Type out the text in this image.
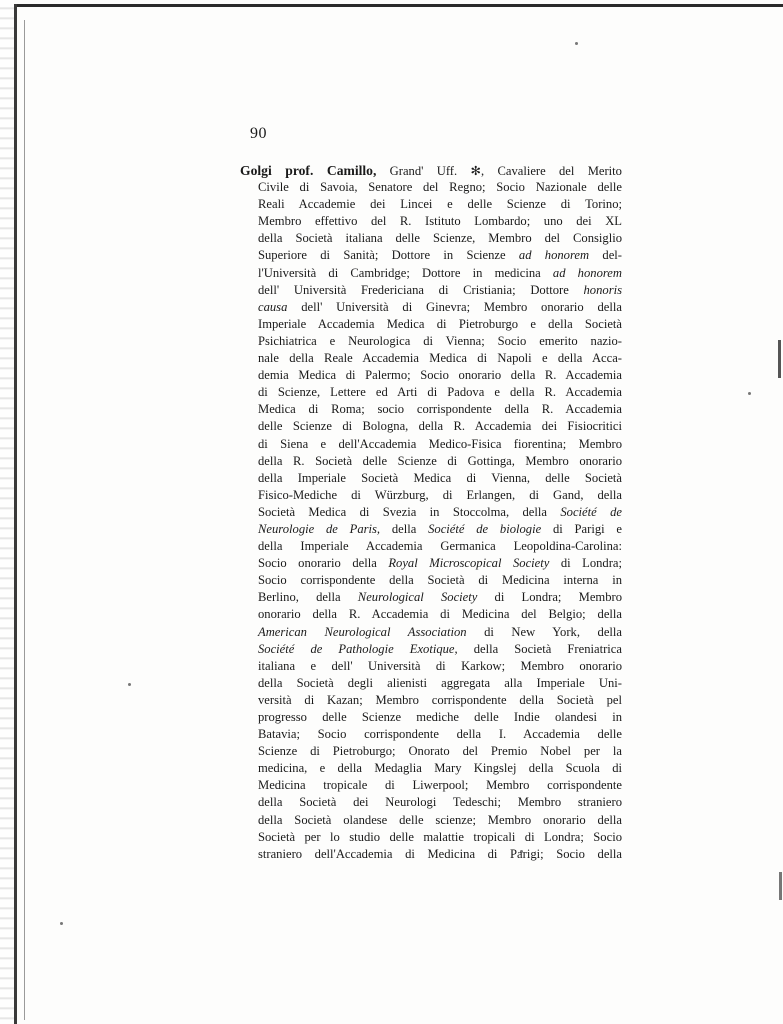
90
Golgi prof. Camillo, Grand' Uff. ✻, Cavaliere del Merito
Civile di Savoia, Senatore del Regno; Socio Nazionale delle
Reali Accademie dei Lincei e delle Scienze di Torino;
Membro effettivo del R. Istituto Lombardo; uno dei XL
della Società italiana delle Scienze, Membro del Consiglio
Superiore di Sanità; Dottore in Scienze ad honorem del-
l'Università di Cambridge; Dottore in medicina ad honorem
dell' Università Fredericiana di Cristiania; Dottore honoris
causa dell' Università di Ginevra; Membro onorario della
Imperiale Accademia Medica di Pietroburgo e della Società
Psichiatrica e Neurologica di Vienna; Socio emerito nazio-
nale della Reale Accademia Medica di Napoli e della Acca-
demia Medica di Palermo; Socio onorario della R. Accademia
di Scienze, Lettere ed Arti di Padova e della R. Accademia
Medica di Roma; socio corrispondente della R. Accademia
delle Scienze di Bologna, della R. Accademia dei Fisiocritici
di Siena e dell'Accademia Medico-Fisica fiorentina; Membro
della R. Società delle Scienze di Gottinga, Membro onorario
della Imperiale Società Medica di Vienna, delle Società
Fisico-Mediche di Würzburg, di Erlangen, di Gand, della
Società Medica di Svezia in Stoccolma, della Société de
Neurologie de Paris, della Société de biologie di Parigi e
della Imperiale Accademia Germanica Leopoldina-Carolina:
Socio onorario della Royal Microscopical Society di Londra;
Socio corrispondente della Società di Medicina interna in
Berlino, della Neurological Society di Londra; Membro
onorario della R. Accademia di Medicina del Belgio; della
American Neurological Association di New York, della
Société de Pathologie Exotique, della Società Freniatrica
italiana e dell' Università di Karkow; Membro onorario
della Società degli alienisti aggregata alla Imperiale Uni-
versità di Kazan; Membro corrispondente della Società pel
progresso delle Scienze mediche delle Indie olandesi in
Batavia; Socio corrispondente della I. Accademia delle
Scienze di Pietroburgo; Onorato del Premio Nobel per la
medicina, e della Medaglia Mary Kingslej della Scuola di
Medicina tropicale di Liwerpool; Membro corrispondente
della Società dei Neurologi Tedeschi; Membro straniero
della Società olandese delle scienze; Membro onorario della
Società per lo studio delle malattie tropicali di Londra; Socio
straniero dell'Accademia di Medicina di Parigi; Socio della
